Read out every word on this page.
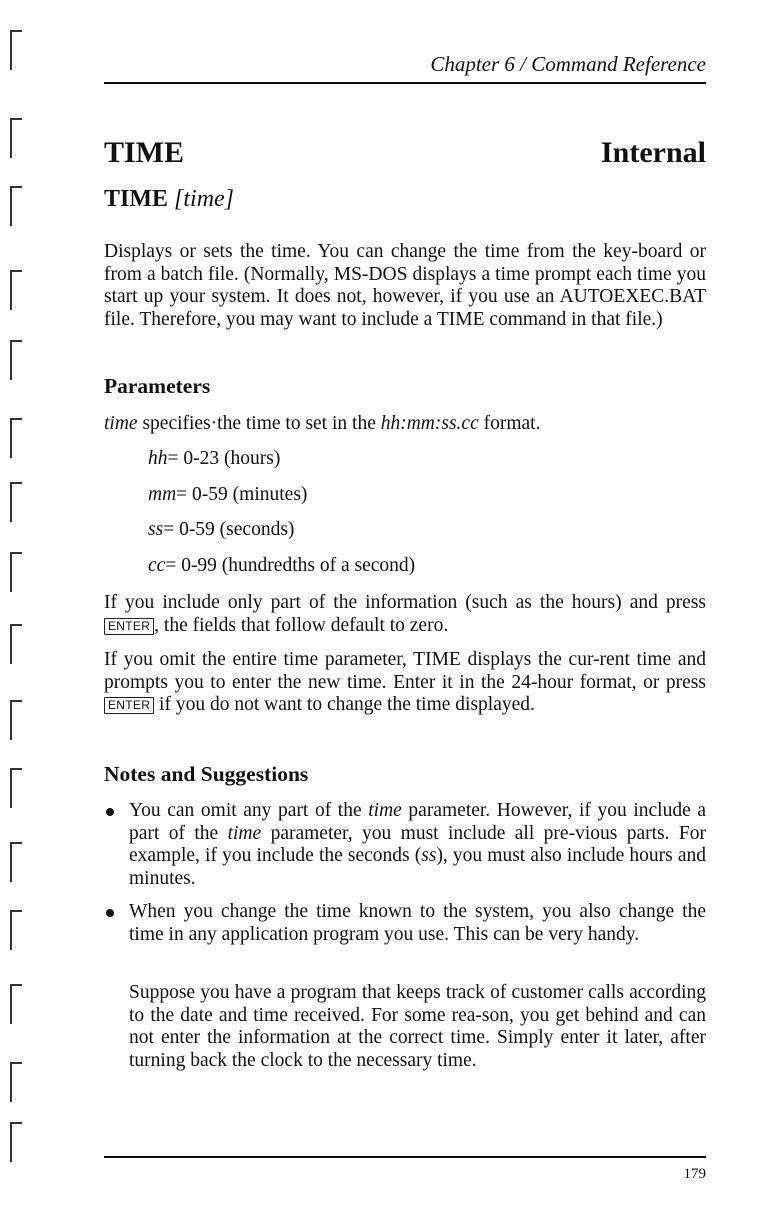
Chapter 6 / Command Reference
TIME	Internal
TIME [time]

Displays or sets the time. You can change the time from the key-board or from a batch file. (Normally, MS-DOS displays a time prompt each time you start up your system. It does not, however, if you use an AUTOEXEC.BAT file. Therefore, you may want to include a TIME command in that file.)

Parameters

time specifies·the time to set in the hh:mm:ss.cc format.

hh= 0-23 (hours)
mm= 0-59 (minutes)
ss= 0-59 (seconds)
cc= 0-99 (hundredths of a second)

If you include only part of the information (such as the hours) and press ENTER , the fields that follow default to zero.

If you omit the entire time parameter, TIME displays the cur-rent time and prompts you to enter the new time. Enter it in the 24-hour format, or press ENTER if you do not want to change the time displayed.

Notes and Suggestions
You can omit any part of the time parameter. However, if you include a part of the time parameter, you must include all pre-vious parts. For example, if you include the seconds (ss), you must also include hours and minutes.
When you change the time known to the system, you also change the time in any application program you use. This can be very handy.

Suppose you have a program that keeps track of customer calls according to the date and time received. For some rea-son, you get behind and can not enter the information at the correct time. Simply enter it later, after turning back the clock to the necessary time.

179
